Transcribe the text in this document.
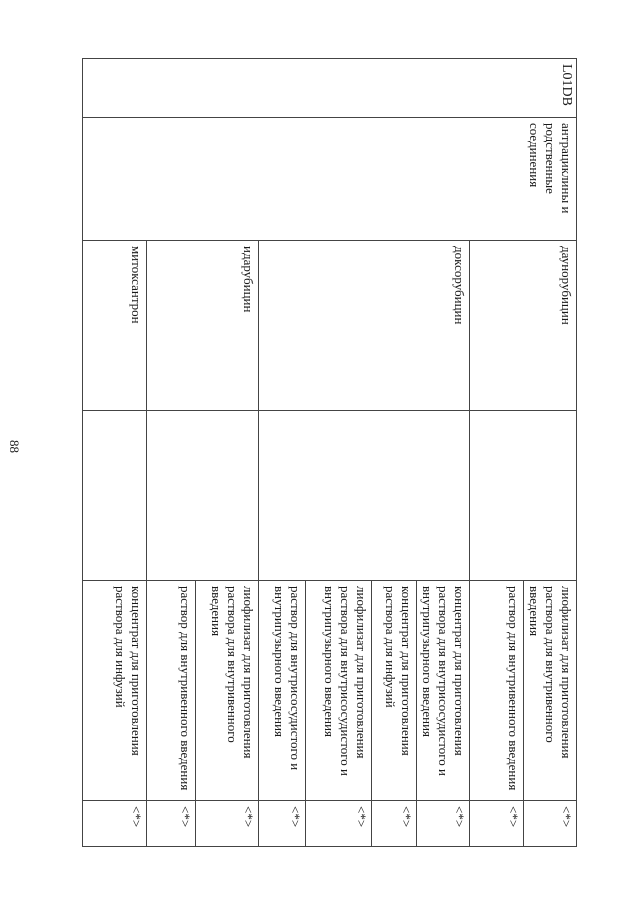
88
L01DB	антрациклины и родственные соединения	даунорубицин		лиофилизат для приготовления раствора для внутривенного введения	<*>
				раствор для внутривенного введения	<*>
		доксорубицин		концентрат для приготовления раствора для внутрисосудистого и внутрипузырного введения	<*>
				концентрат для приготовления раствора для инфузий	<*>
				лиофилизат для приготовления раствора для внутрисосудистого и внутрипузырного введения	<*>
				раствор для внутрисосудистого и внутрипузырного введения	<*>
		идарубицин		лиофилизат для приготовления раствора для внутривенного введения	<*>
				раствор для внутривенного введения	<*>
		митоксантрон		концентрат для приготовления раствора для инфузий	<*>
